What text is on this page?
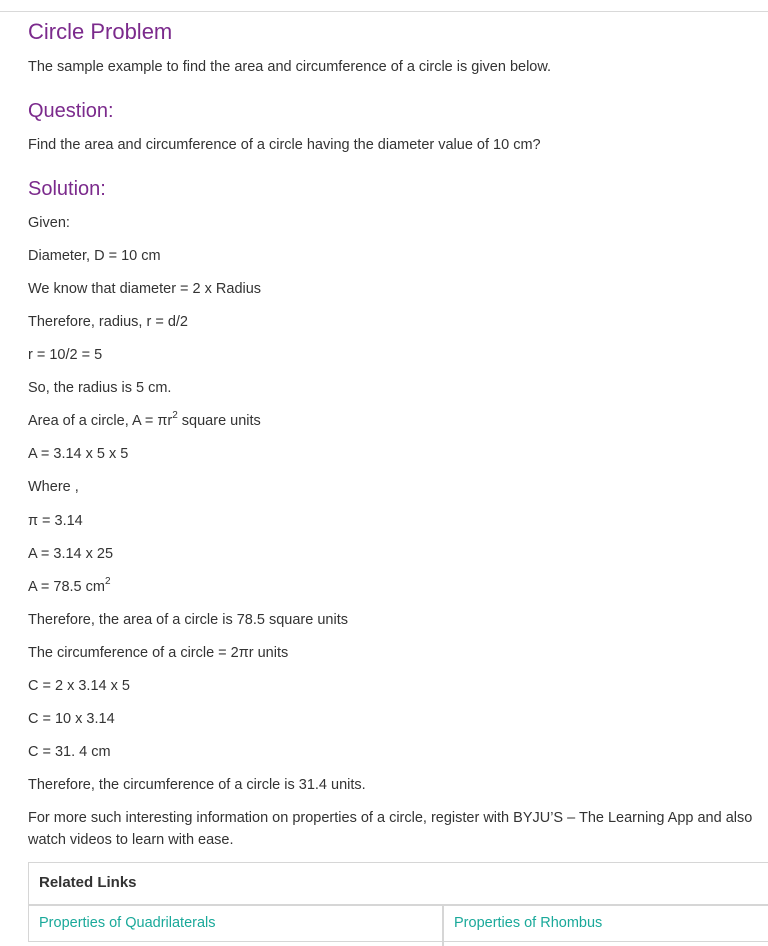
Circle Problem

The sample example to find the area and circumference of a circle is given below.

Question:

Find the area and circumference of a circle having the diameter value of 10 cm?

Solution:

Given:

Diameter, D = 10 cm

We know that diameter = 2 x Radius

Therefore, radius, r = d/2

r = 10/2 = 5

So, the radius is 5 cm.

Area of a circle, $A = \pi r^2$ square units

A = 3.14 x 5 x 5

Where ,

π = 3.14

A = 3.14 x 25

A = 78.5 $cm^2$

Therefore, the area of a circle is 78.5 square units

The circumference of a circle = 2πr units

C = 2 x 3.14 x 5

C = 10 x 3.14

C = 31. 4 cm

Therefore, the circumference of a circle is 31.4 units.

For more such interesting information on properties of a circle, register with BYJU’S – The Learning App and also watch videos to learn with ease.

Related Links
Properties of Quadrilaterals	Properties of Rhombus
